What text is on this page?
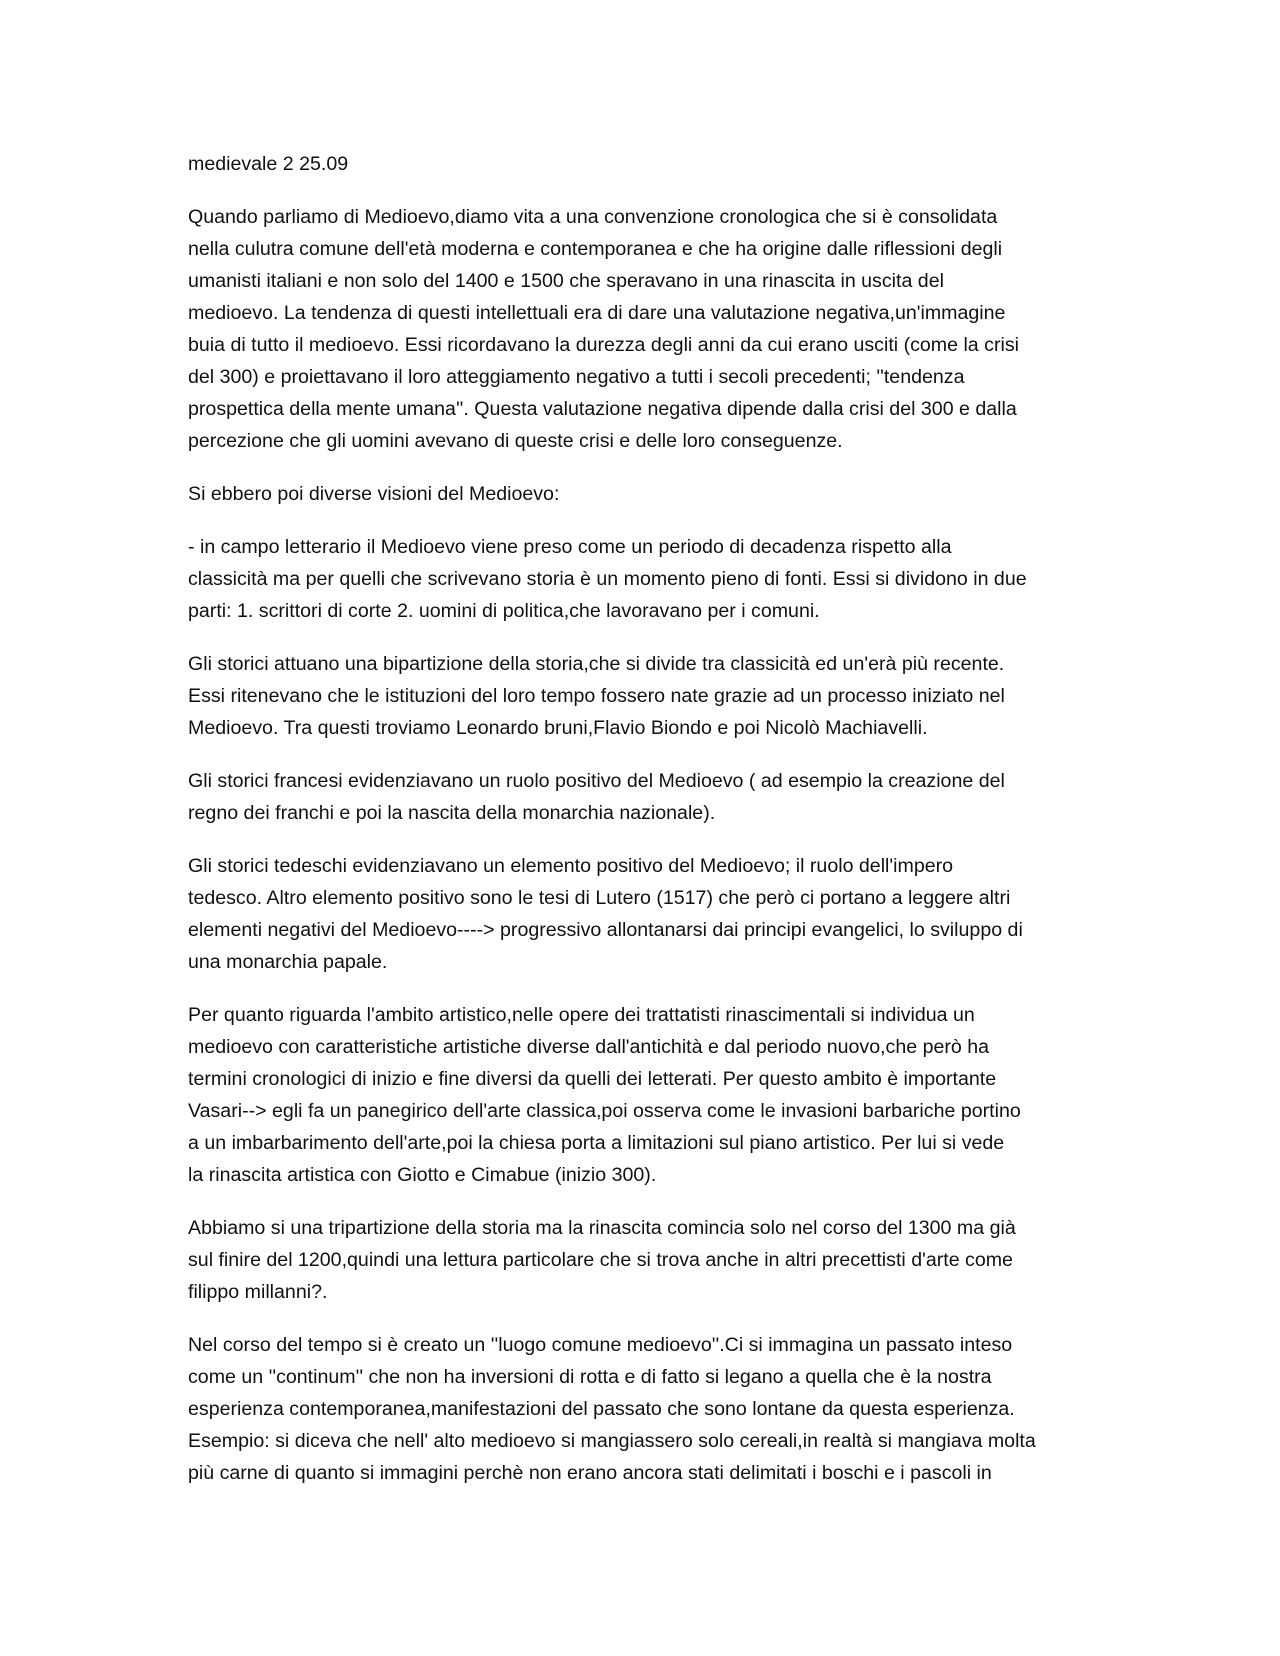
medievale 2 25.09

Quando parliamo di Medioevo,diamo vita a una convenzione cronologica che si è consolidata
nella culutra comune dell'età moderna e contemporanea e che ha origine dalle riflessioni degli
umanisti italiani e non solo del 1400 e 1500 che speravano in una rinascita in uscita del
medioevo. La tendenza di questi intellettuali era di dare una valutazione negativa,un'immagine
buia di tutto il medioevo. Essi ricordavano la durezza degli anni da cui erano usciti (come la crisi
del 300) e proiettavano il loro atteggiamento negativo a tutti i secoli precedenti; ''tendenza
prospettica della mente umana''. Questa valutazione negativa dipende dalla crisi del 300 e dalla
percezione che gli uomini avevano di queste crisi e delle loro conseguenze.

Si ebbero poi diverse visioni del Medioevo:

- in campo letterario il Medioevo viene preso come un periodo di decadenza rispetto alla
classicità ma per quelli che scrivevano storia è un momento pieno di fonti. Essi si dividono in due
parti: 1. scrittori di corte 2. uomini di politica,che lavoravano per i comuni.

Gli storici attuano una bipartizione della storia,che si divide tra classicità ed un'erà più recente.
Essi ritenevano che le istituzioni del loro tempo fossero nate grazie ad un processo iniziato nel
Medioevo. Tra questi troviamo Leonardo bruni,Flavio Biondo e poi Nicolò Machiavelli.

Gli storici francesi evidenziavano un ruolo positivo del Medioevo ( ad esempio la creazione del
regno dei franchi e poi la nascita della monarchia nazionale).

Gli storici tedeschi evidenziavano un elemento positivo del Medioevo; il ruolo dell'impero
tedesco. Altro elemento positivo sono le tesi di Lutero (1517) che però ci portano a leggere altri
elementi negativi del Medioevo----> progressivo allontanarsi dai principi evangelici, lo sviluppo di
una monarchia papale.

Per quanto riguarda l'ambito artistico,nelle opere dei trattatisti rinascimentali si individua un
medioevo con caratteristiche artistiche diverse dall'antichità e dal periodo nuovo,che però ha
termini cronologici di inizio e fine diversi da quelli dei letterati. Per questo ambito è importante
Vasari--> egli fa un panegirico dell'arte classica,poi osserva come le invasioni barbariche portino
a un imbarbarimento dell'arte,poi la chiesa porta a limitazioni sul piano artistico. Per lui si vede
la rinascita artistica con Giotto e Cimabue (inizio 300).

Abbiamo si una tripartizione della storia ma la rinascita comincia solo nel corso del 1300 ma già
sul finire del 1200,quindi una lettura particolare che si trova anche in altri precettisti d'arte come
filippo millanni?.

Nel corso del tempo si è creato un ''luogo comune medioevo''.Ci si immagina un passato inteso
come un ''continum'' che non ha inversioni di rotta e di fatto si legano a quella che è la nostra
esperienza contemporanea,manifestazioni del passato che sono lontane da questa esperienza.
Esempio: si diceva che nell' alto medioevo si mangiassero solo cereali,in realtà si mangiava molta
più carne di quanto si immagini perchè non erano ancora stati delimitati i boschi e i pascoli in
